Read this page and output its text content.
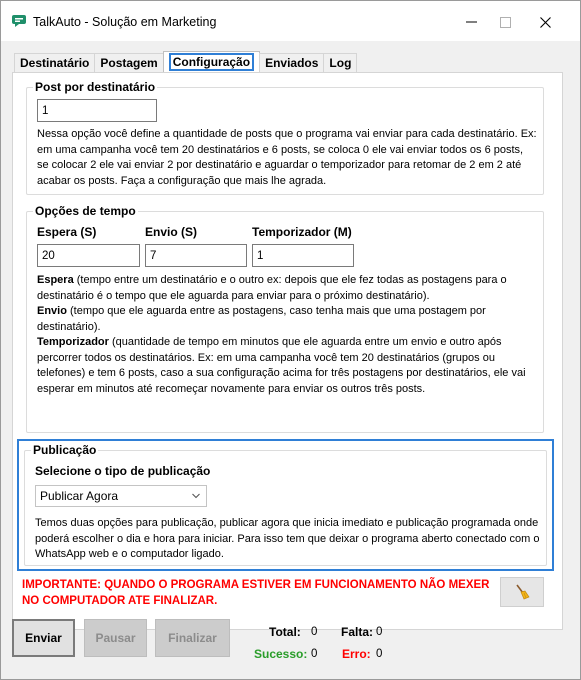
TalkAuto - Solução em Marketing
Destinatário Postagem	Configuração	Enviados Log
Post por destinatário
1

Nessa opção você define a quantidade de posts que o programa vai enviar para cada destinatário. Ex: em uma campanha você tem 20 destinatários e 6 posts, se coloca 0 ele vai enviar todos os 6 posts, se colocar 2 ele vai enviar 2 por destinatário e aguardar o temporizador para retomar de 2 em 2 até acabar os posts. Faça a configuração que mais lhe agrada.

Opções de tempo
Espera (S)	Envio (S)	Temporizador (M)
20	7	1

Espera (tempo entre um destinatário e o outro ex: depois que ele fez todas as postagens para o destinatário é o tempo que ele aguarda para enviar para o próximo destinatário).
Envio (tempo que ele aguarda entre as postagens, caso tenha mais que uma postagem por destinatário).
Temporizador (quantidade de tempo em minutos que ele aguarda entre um envio e outro após percorrer todos os destinatários. Ex: em uma campanha você tem 20 destinatários (grupos ou telefones) e tem 6 posts, caso a sua configuração acima for três postagens por destinatários, ele vai esperar em minutos até recomeçar novamente para enviar os outros três posts.

Publicação
Selecione o tipo de publicação
Publicar Agora

Temos duas opções para publicação, publicar agora que inicia imediato e publicação programada onde poderá escolher o dia e hora para iniciar. Para isso tem que deixar o programa aberto conectado com o WhatsApp web e o computador ligado.

IMPORTANTE: QUANDO O PROGRAMA ESTIVER EM FUNCIONAMENTO NÃO MEXER NO COMPUTADOR ATE FINALIZAR.
Enviar	Pausar	Finalizar	Total: 0 Falta: 0
Sucesso: 0 Erro: 0
